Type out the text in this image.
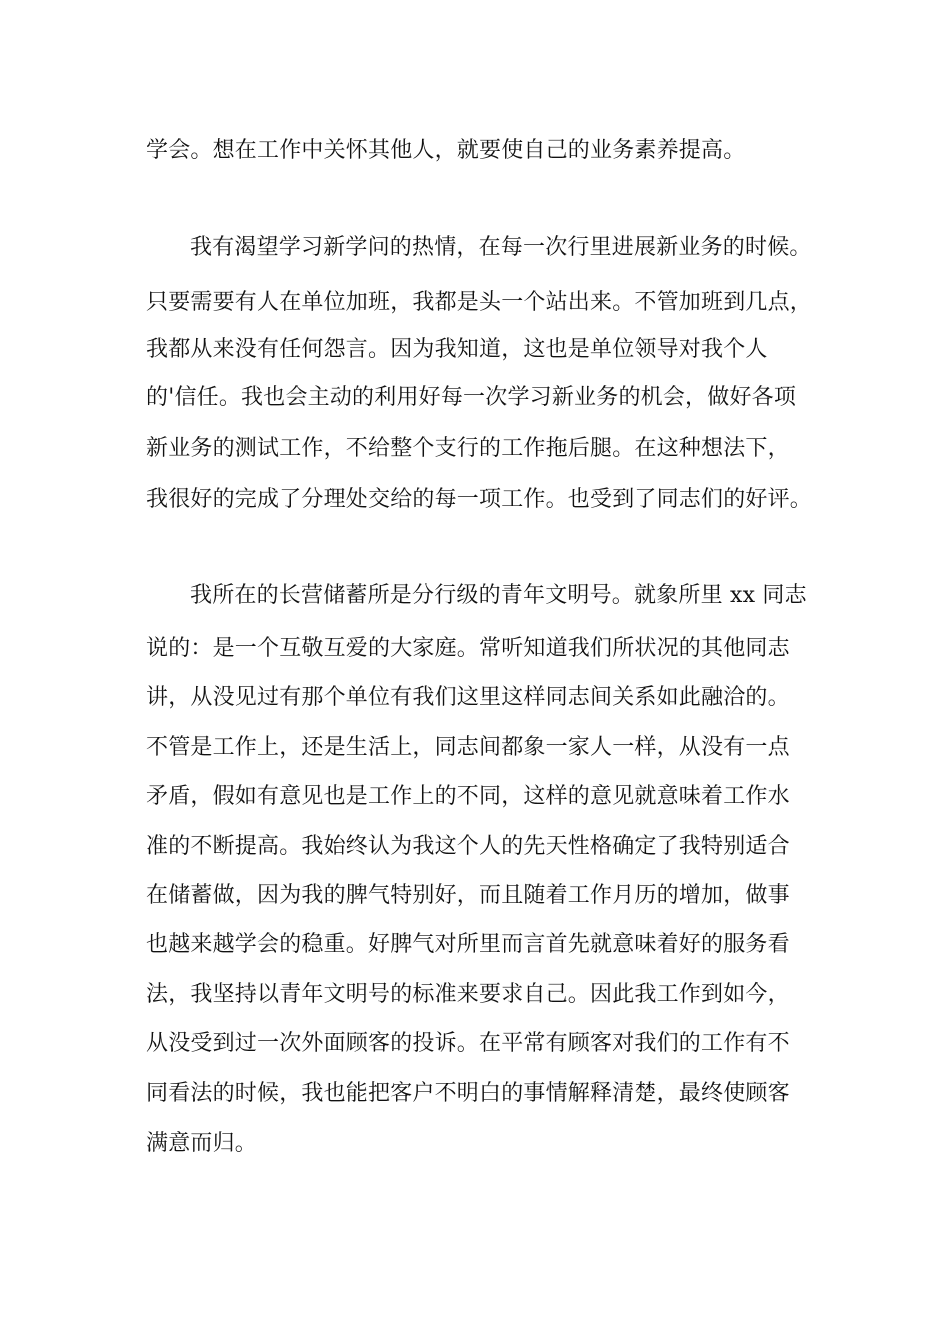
学会。想在工作中关怀其他人，就要使自己的业务素养提高。
我有渴望学习新学问的热情，在每一次行里进展新业务的时候。
只要需要有人在单位加班，我都是头一个站出来。不管加班到几点，
我都从来没有任何怨言。因为我知道，这也是单位领导对我个人
的'信任。我也会主动的利用好每一次学习新业务的机会，做好各项
新业务的测试工作，不给整个支行的工作拖后腿。在这种想法下，
我很好的完成了分理处交给的每一项工作。也受到了同志们的好评。
我所在的长营储蓄所是分行级的青年文明号。就象所里 xx 同志
说的：是一个互敬互爱的大家庭。常听知道我们所状况的其他同志
讲，从没见过有那个单位有我们这里这样同志间关系如此融洽的。
不管是工作上，还是生活上，同志间都象一家人一样，从没有一点
矛盾，假如有意见也是工作上的不同，这样的意见就意味着工作水
准的不断提高。我始终认为我这个人的先天性格确定了我特别适合
在储蓄做，因为我的脾气特别好，而且随着工作月历的增加，做事
也越来越学会的稳重。好脾气对所里而言首先就意味着好的服务看
法，我坚持以青年文明号的标准来要求自己。因此我工作到如今，
从没受到过一次外面顾客的投诉。在平常有顾客对我们的工作有不
同看法的时候，我也能把客户不明白的事情解释清楚，最终使顾客
满意而归。
